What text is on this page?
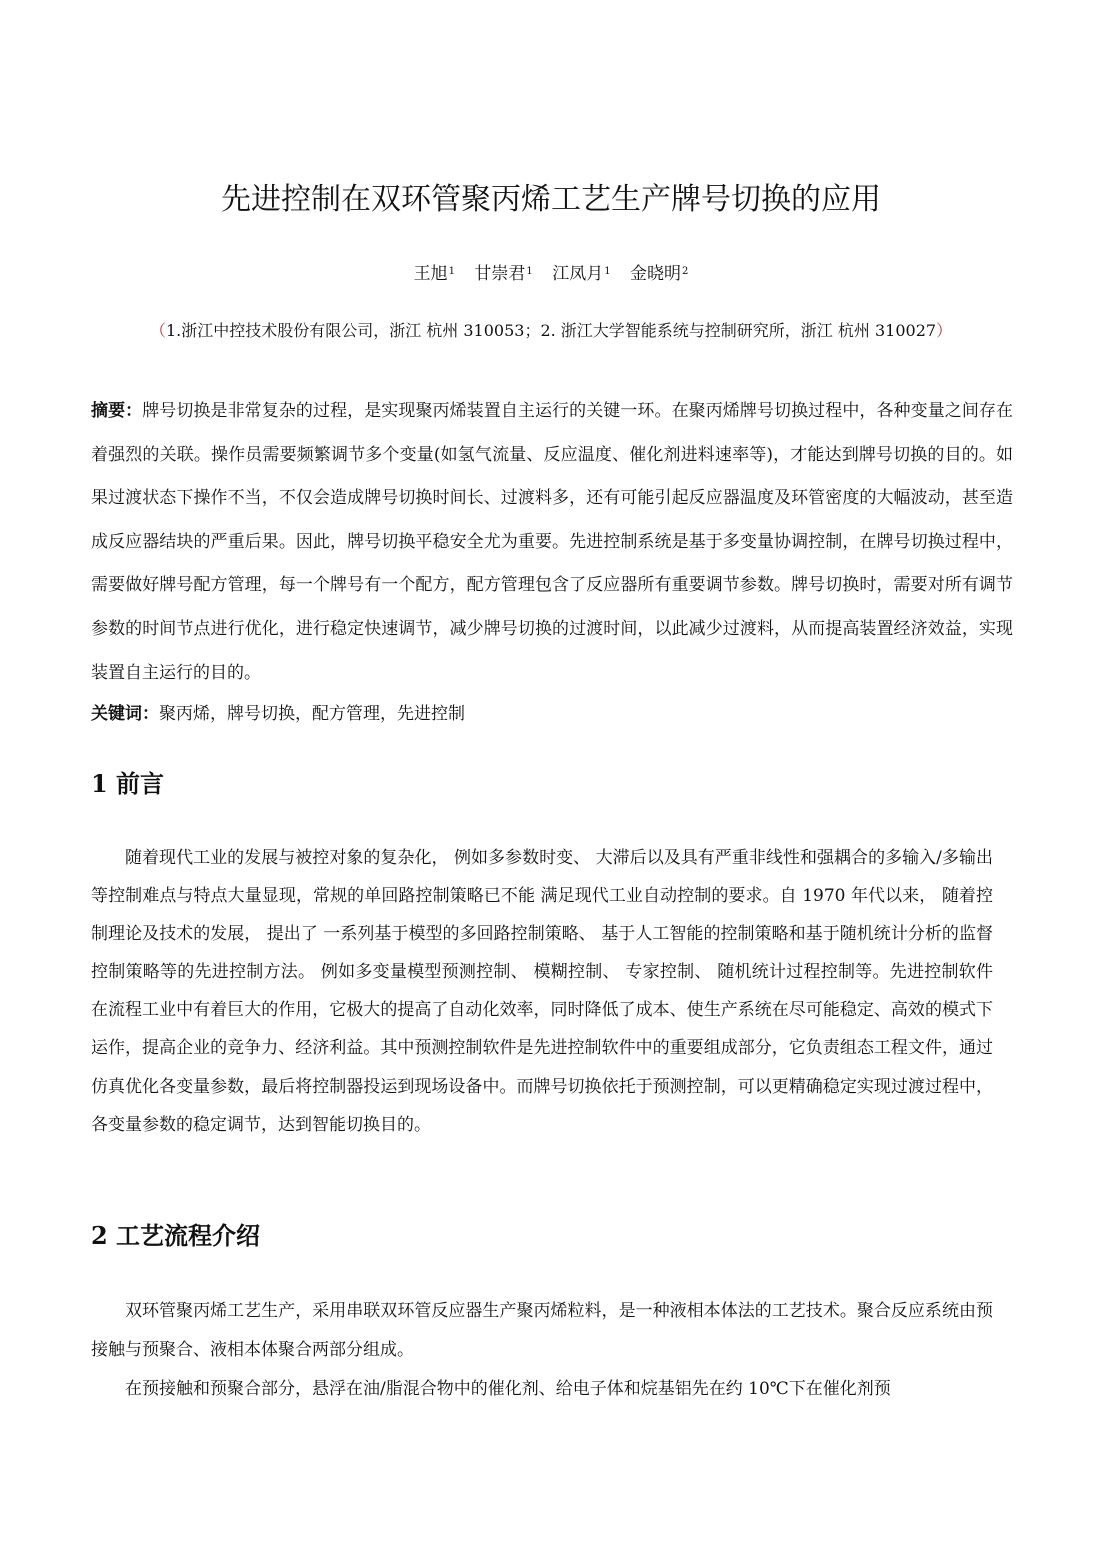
先进控制在双环管聚丙烯工艺生产牌号切换的应用
王旭$^1$ 甘崇君$^1$ 江凤月$^1$ 金晓明$^2$
（1.浙江中控技术股份有限公司，浙江 杭州 310053；2. 浙江大学智能系统与控制研究所，浙江 杭州 310027）
摘要：牌号切换是非常复杂的过程，是实现聚丙烯装置自主运行的关键一环。在聚丙烯牌号切换过程中，各种变量之间存在着强烈的关联。操作员需要频繁调节多个变量(如氢气流量、反应温度、催化剂进料速率等)，才能达到牌号切换的目的。如果过渡状态下操作不当，不仅会造成牌号切换时间长、过渡料多，还有可能引起反应器温度及环管密度的大幅波动，甚至造成反应器结块的严重后果。因此，牌号切换平稳安全尤为重要。先进控制系统是基于多变量协调控制，在牌号切换过程中，需要做好牌号配方管理，每一个牌号有一个配方，配方管理包含了反应器所有重要调节参数。牌号切换时，需要对所有调节参数的时间节点进行优化，进行稳定快速调节，减少牌号切换的过渡时间，以此减少过渡料，从而提高装置经济效益，实现装置自主运行的目的。
关键词：聚丙烯，牌号切换，配方管理，先进控制
1 前言
随着现代工业的发展与被控对象的复杂化， 例如多参数时变、 大滞后以及具有严重非线性和强耦合的多输入/多输出等控制难点与特点大量显现，常规的单回路控制策略已不能 满足现代工业自动控制的要求。自 1970 年代以来， 随着控制理论及技术的发展， 提出了 一系列基于模型的多回路控制策略、 基于人工智能的控制策略和基于随机统计分析的监督控制策略等的先进控制方法。 例如多变量模型预测控制、 模糊控制、 专家控制、 随机统计过程控制等。先进控制软件在流程工业中有着巨大的作用，它极大的提高了自动化效率，同时降低了成本、使生产系统在尽可能稳定、高效的模式下运作，提高企业的竞争力、经济利益。其中预测控制软件是先进控制软件中的重要组成部分，它负责组态工程文件，通过仿真优化各变量参数，最后将控制器投运到现场设备中。而牌号切换依托于预测控制，可以更精确稳定实现过渡过程中，各变量参数的稳定调节，达到智能切换目的。
2 工艺流程介绍
双环管聚丙烯工艺生产，采用串联双环管反应器生产聚丙烯粒料，是一种液相本体法的工艺技术。聚合反应系统由预接触与预聚合、液相本体聚合两部分组成。
在预接触和预聚合部分，悬浮在油/脂混合物中的催化剂、给电子体和烷基铝先在约 10℃下在催化剂预
